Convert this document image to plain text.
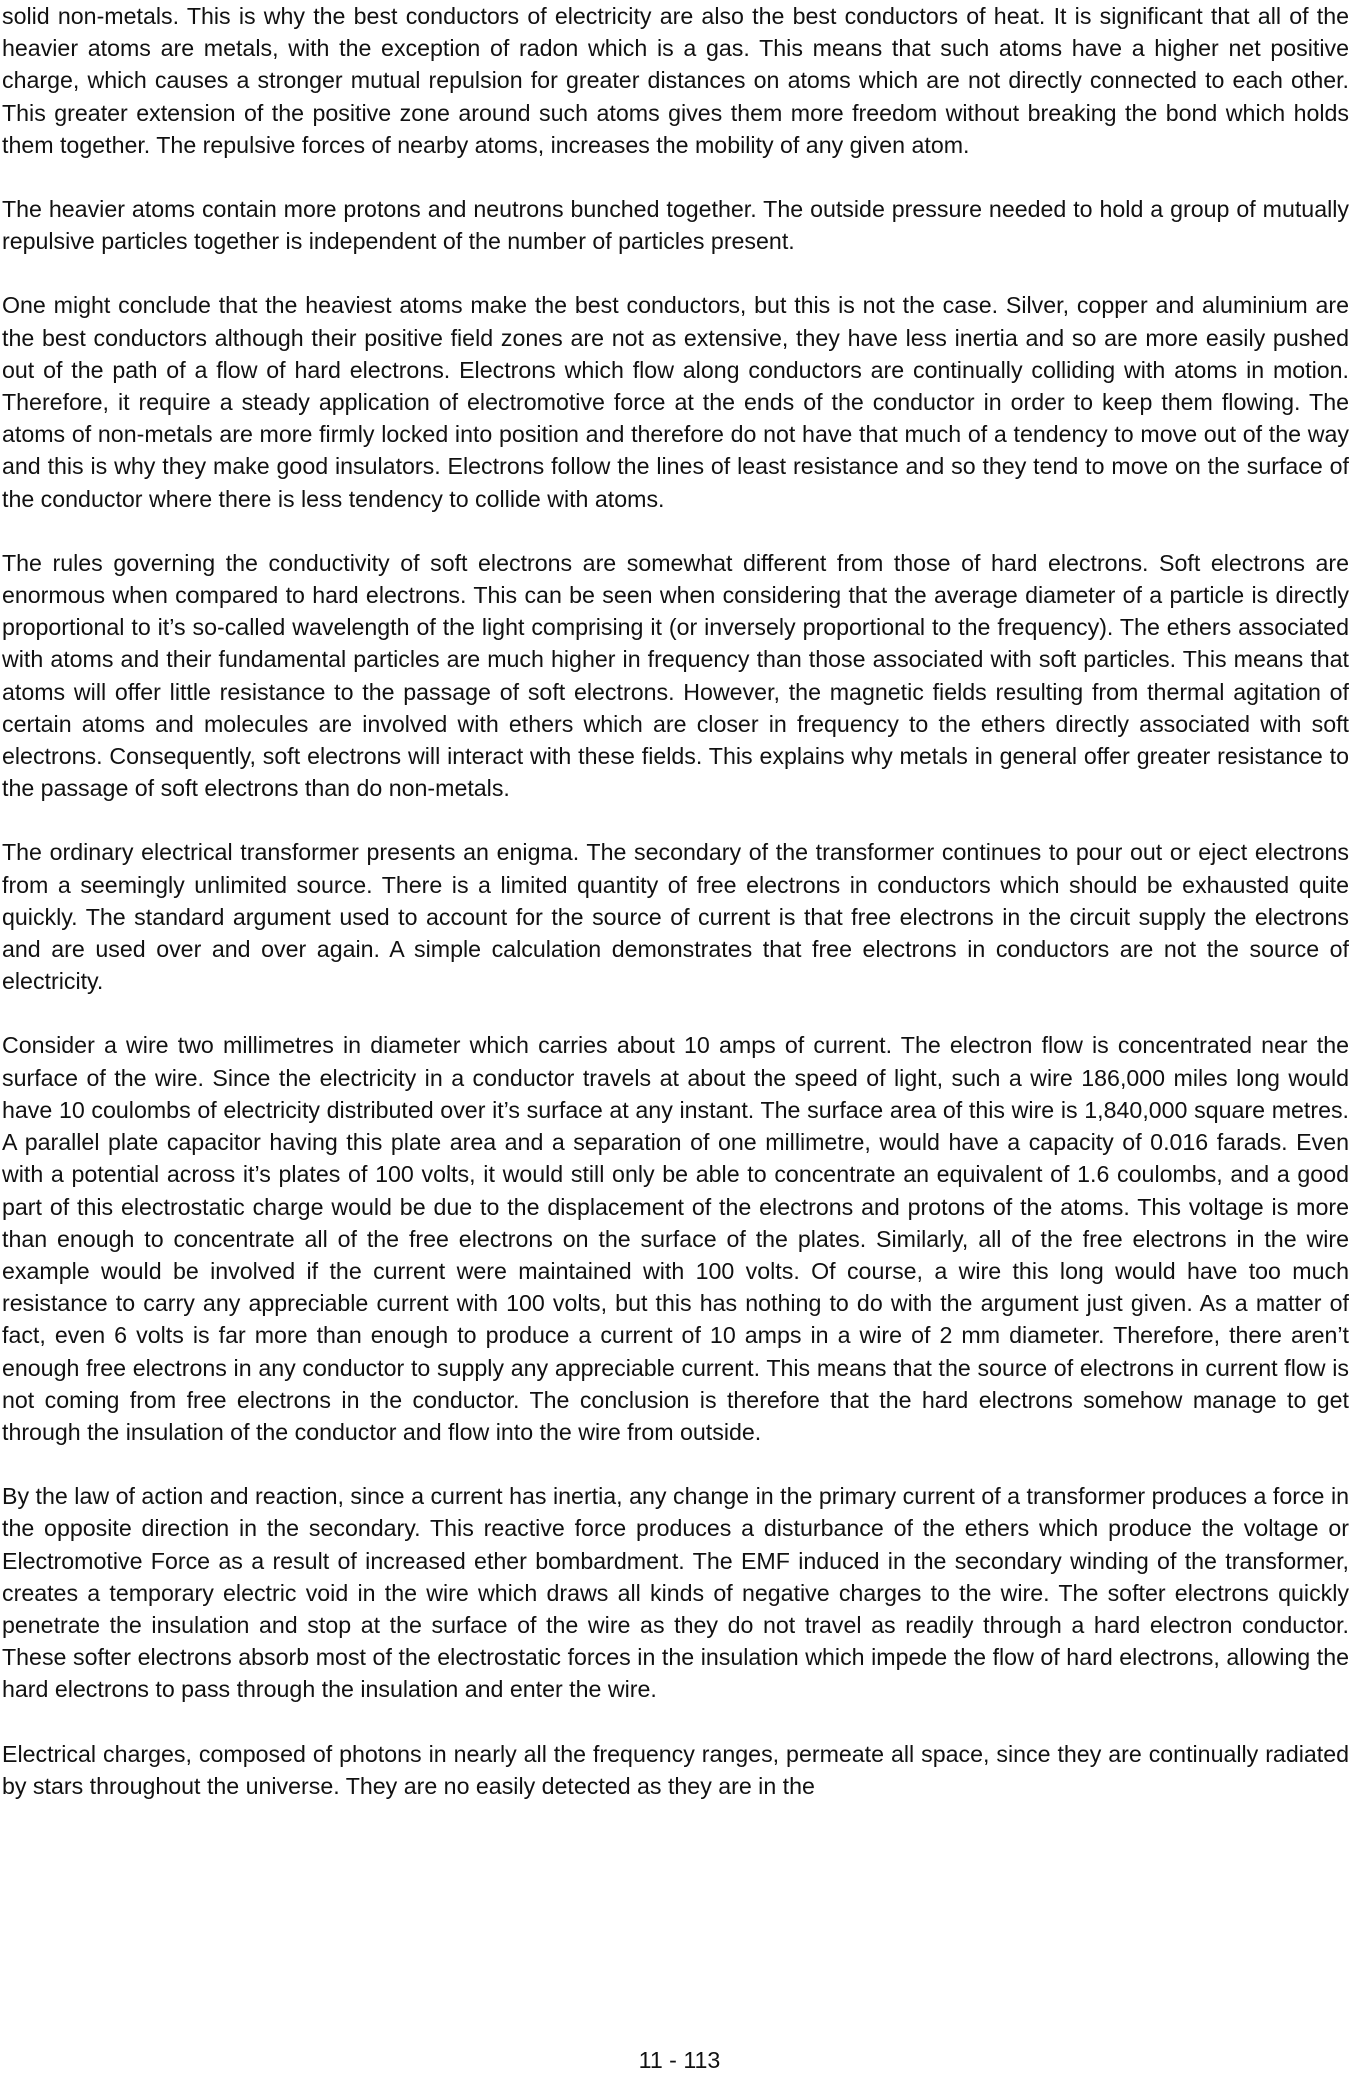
solid non-metals. This is why the best conductors of electricity are also the best conductors of heat. It is significant that all of the heavier atoms are metals, with the exception of radon which is a gas. This means that such atoms have a higher net positive charge, which causes a stronger mutual repulsion for greater distances on atoms which are not directly connected to each other. This greater extension of the positive zone around such atoms gives them more freedom without breaking the bond which holds them together. The repulsive forces of nearby atoms, increases the mobility of any given atom.

The heavier atoms contain more protons and neutrons bunched together. The outside pressure needed to hold a group of mutually repulsive particles together is independent of the number of particles present.

One might conclude that the heaviest atoms make the best conductors, but this is not the case. Silver, copper and aluminium are the best conductors although their positive field zones are not as extensive, they have less inertia and so are more easily pushed out of the path of a flow of hard electrons. Electrons which flow along conductors are continually colliding with atoms in motion. Therefore, it require a steady application of electromotive force at the ends of the conductor in order to keep them flowing. The atoms of non-metals are more firmly locked into position and therefore do not have that much of a tendency to move out of the way and this is why they make good insulators. Electrons follow the lines of least resistance and so they tend to move on the surface of the conductor where there is less tendency to collide with atoms.

The rules governing the conductivity of soft electrons are somewhat different from those of hard electrons. Soft electrons are enormous when compared to hard electrons. This can be seen when considering that the average diameter of a particle is directly proportional to it’s so-called wavelength of the light comprising it (or inversely proportional to the frequency). The ethers associated with atoms and their fundamental particles are much higher in frequency than those associated with soft particles. This means that atoms will offer little resistance to the passage of soft electrons. However, the magnetic fields resulting from thermal agitation of certain atoms and molecules are involved with ethers which are closer in frequency to the ethers directly associated with soft electrons. Consequently, soft electrons will interact with these fields. This explains why metals in general offer greater resistance to the passage of soft electrons than do non-metals.

The ordinary electrical transformer presents an enigma. The secondary of the transformer continues to pour out or eject electrons from a seemingly unlimited source. There is a limited quantity of free electrons in conductors which should be exhausted quite quickly. The standard argument used to account for the source of current is that free electrons in the circuit supply the electrons and are used over and over again. A simple calculation demonstrates that free electrons in conductors are not the source of electricity.

Consider a wire two millimetres in diameter which carries about 10 amps of current. The electron flow is concentrated near the surface of the wire. Since the electricity in a conductor travels at about the speed of light, such a wire 186,000 miles long would have 10 coulombs of electricity distributed over it’s surface at any instant. The surface area of this wire is 1,840,000 square metres. A parallel plate capacitor having this plate area and a separation of one millimetre, would have a capacity of 0.016 farads. Even with a potential across it’s plates of 100 volts, it would still only be able to concentrate an equivalent of 1.6 coulombs, and a good part of this electrostatic charge would be due to the displacement of the electrons and protons of the atoms. This voltage is more than enough to concentrate all of the free electrons on the surface of the plates. Similarly, all of the free electrons in the wire example would be involved if the current were maintained with 100 volts. Of course, a wire this long would have too much resistance to carry any appreciable current with 100 volts, but this has nothing to do with the argument just given. As a matter of fact, even 6 volts is far more than enough to produce a current of 10 amps in a wire of 2 mm diameter. Therefore, there aren’t enough free electrons in any conductor to supply any appreciable current. This means that the source of electrons in current flow is not coming from free electrons in the conductor. The conclusion is therefore that the hard electrons somehow manage to get through the insulation of the conductor and flow into the wire from outside.

By the law of action and reaction, since a current has inertia, any change in the primary current of a transformer produces a force in the opposite direction in the secondary. This reactive force produces a disturbance of the ethers which produce the voltage or Electromotive Force as a result of increased ether bombardment. The EMF induced in the secondary winding of the transformer, creates a temporary electric void in the wire which draws all kinds of negative charges to the wire. The softer electrons quickly penetrate the insulation and stop at the surface of the wire as they do not travel as readily through a hard electron conductor. These softer electrons absorb most of the electrostatic forces in the insulation which impede the flow of hard electrons, allowing the hard electrons to pass through the insulation and enter the wire.

Electrical charges, composed of photons in nearly all the frequency ranges, permeate all space, since they are continually radiated by stars throughout the universe. They are no easily detected as they are in the

11 - 113
